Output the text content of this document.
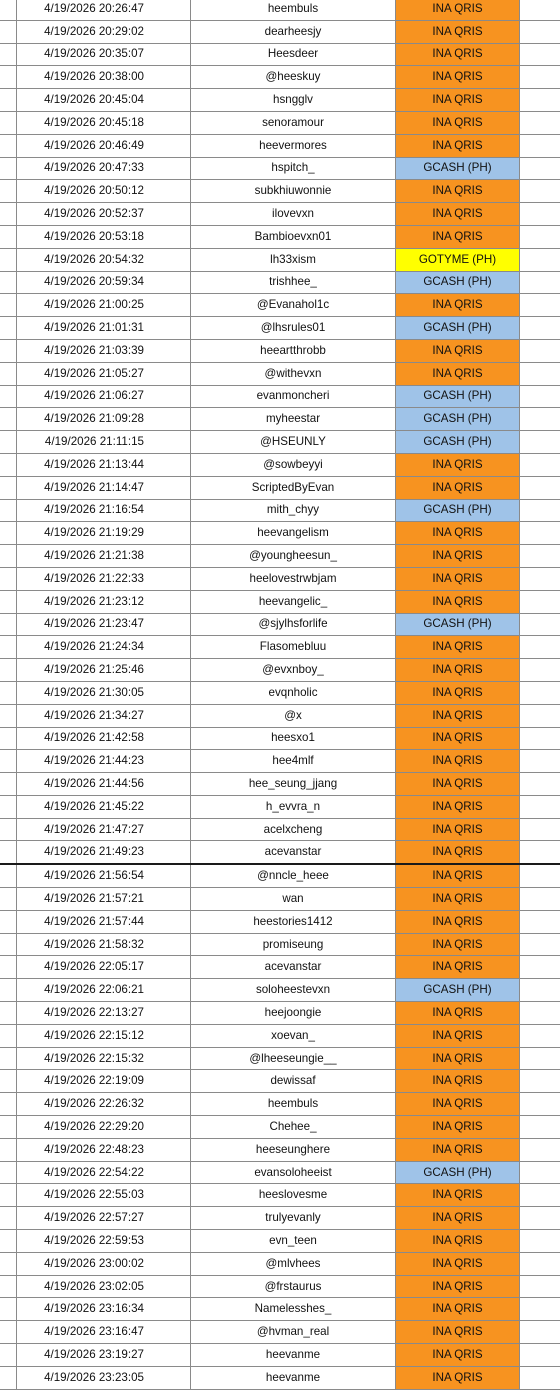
	4/19/2026 20:26:47	heembuls	INA QRIS	
	4/19/2026 20:29:02	dearheesjy	INA QRIS	
	4/19/2026 20:35:07	Heesdeer	INA QRIS	
	4/19/2026 20:38:00	@heeskuy	INA QRIS	
	4/19/2026 20:45:04	hsngglv	INA QRIS	
	4/19/2026 20:45:18	senoramour	INA QRIS	
	4/19/2026 20:46:49	heevermores	INA QRIS	
	4/19/2026 20:47:33	hspitch_	GCASH (PH)	
	4/19/2026 20:50:12	subkhiuwonnie	INA QRIS	
	4/19/2026 20:52:37	ilovevxn	INA QRIS	
	4/19/2026 20:53:18	Bambioevxn01	INA QRIS	
	4/19/2026 20:54:32	lh33xism	GOTYME (PH)	
	4/19/2026 20:59:34	trishhee_	GCASH (PH)	
	4/19/2026 21:00:25	@Evanahol1c	INA QRIS	
	4/19/2026 21:01:31	@lhsrules01	GCASH (PH)	
	4/19/2026 21:03:39	heeartthrobb	INA QRIS	
	4/19/2026 21:05:27	@withevxn	INA QRIS	
	4/19/2026 21:06:27	evanmoncheri	GCASH (PH)	
	4/19/2026 21:09:28	myheestar	GCASH (PH)	
	4/19/2026 21:11:15	@HSEUNLY	GCASH (PH)	
	4/19/2026 21:13:44	@sowbeyyi	INA QRIS	
	4/19/2026 21:14:47	ScriptedByEvan	INA QRIS	
	4/19/2026 21:16:54	mith_chyy	GCASH (PH)	
	4/19/2026 21:19:29	heevangelism	INA QRIS	
	4/19/2026 21:21:38	@youngheesun_	INA QRIS	
	4/19/2026 21:22:33	heelovestrwbjam	INA QRIS	
	4/19/2026 21:23:12	heevangelic_	INA QRIS	
	4/19/2026 21:23:47	@sjylhsforlife	GCASH (PH)	
	4/19/2026 21:24:34	Flasomebluu	INA QRIS	
	4/19/2026 21:25:46	@evxnboy_	INA QRIS	
	4/19/2026 21:30:05	evqnholic	INA QRIS	
	4/19/2026 21:34:27	@x	INA QRIS	
	4/19/2026 21:42:58	heesxo1	INA QRIS	
	4/19/2026 21:44:23	hee4mlf	INA QRIS	
	4/19/2026 21:44:56	hee_seung_jjang	INA QRIS	
	4/19/2026 21:45:22	h_evvra_n	INA QRIS	
	4/19/2026 21:47:27	acelxcheng	INA QRIS	
	4/19/2026 21:49:23	acevanstar	INA QRIS	
	4/19/2026 21:56:54	@nncle_heee	INA QRIS	
	4/19/2026 21:57:21	wan	INA QRIS	
	4/19/2026 21:57:44	heestories1412	INA QRIS	
	4/19/2026 21:58:32	promiseung	INA QRIS	
	4/19/2026 22:05:17	acevanstar	INA QRIS	
	4/19/2026 22:06:21	soloheestevxn	GCASH (PH)	
	4/19/2026 22:13:27	heejoongie	INA QRIS	
	4/19/2026 22:15:12	xoevan_	INA QRIS	
	4/19/2026 22:15:32	@lheeseungie__	INA QRIS	
	4/19/2026 22:19:09	dewissaf	INA QRIS	
	4/19/2026 22:26:32	heembuls	INA QRIS	
	4/19/2026 22:29:20	Chehee_	INA QRIS	
	4/19/2026 22:48:23	heeseunghere	INA QRIS	
	4/19/2026 22:54:22	evansoloheeist	GCASH (PH)	
	4/19/2026 22:55:03	heeslovesme	INA QRIS	
	4/19/2026 22:57:27	trulyevanly	INA QRIS	
	4/19/2026 22:59:53	evn_teen	INA QRIS	
	4/19/2026 23:00:02	@mlvhees	INA QRIS	
	4/19/2026 23:02:05	@frstaurus	INA QRIS	
	4/19/2026 23:16:34	Namelesshes_	INA QRIS	
	4/19/2026 23:16:47	@hvman_real	INA QRIS	
	4/19/2026 23:19:27	heevanme	INA QRIS	
	4/19/2026 23:23:05	heevanme	INA QRIS	
